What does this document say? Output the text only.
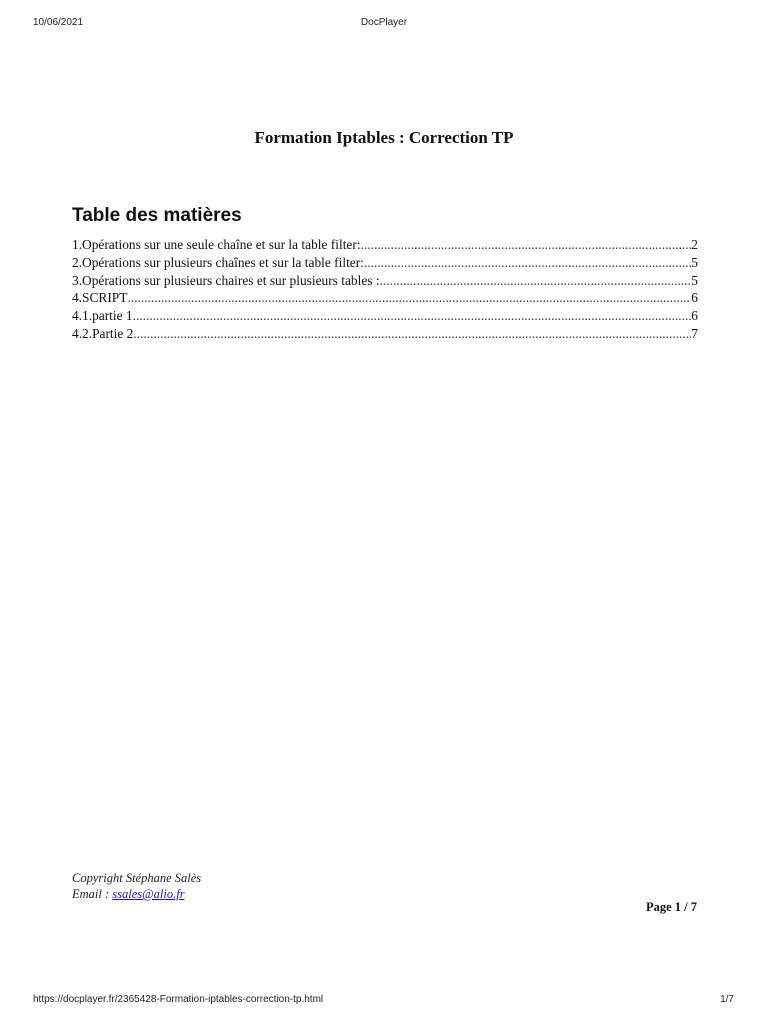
10/06/2021	DocPlayer
Formation Iptables : Correction TP
Table des matières
1.Opérations sur une seule chaîne et sur la table filter: .....	2
2.Opérations sur plusieurs chaînes et sur la table filter: .....	5
3.Opérations sur plusieurs chaires et sur plusieurs tables : .....	5
4.SCRIPT .....	6
4.1.partie 1 .....	6
4.2.Partie 2 .....	7
Copyright Stéphane Salès
Email : ssales@alio.fr
Page 1 / 7
https://docplayer.fr/2365428-Formation-iptables-correction-tp.html	1/7
